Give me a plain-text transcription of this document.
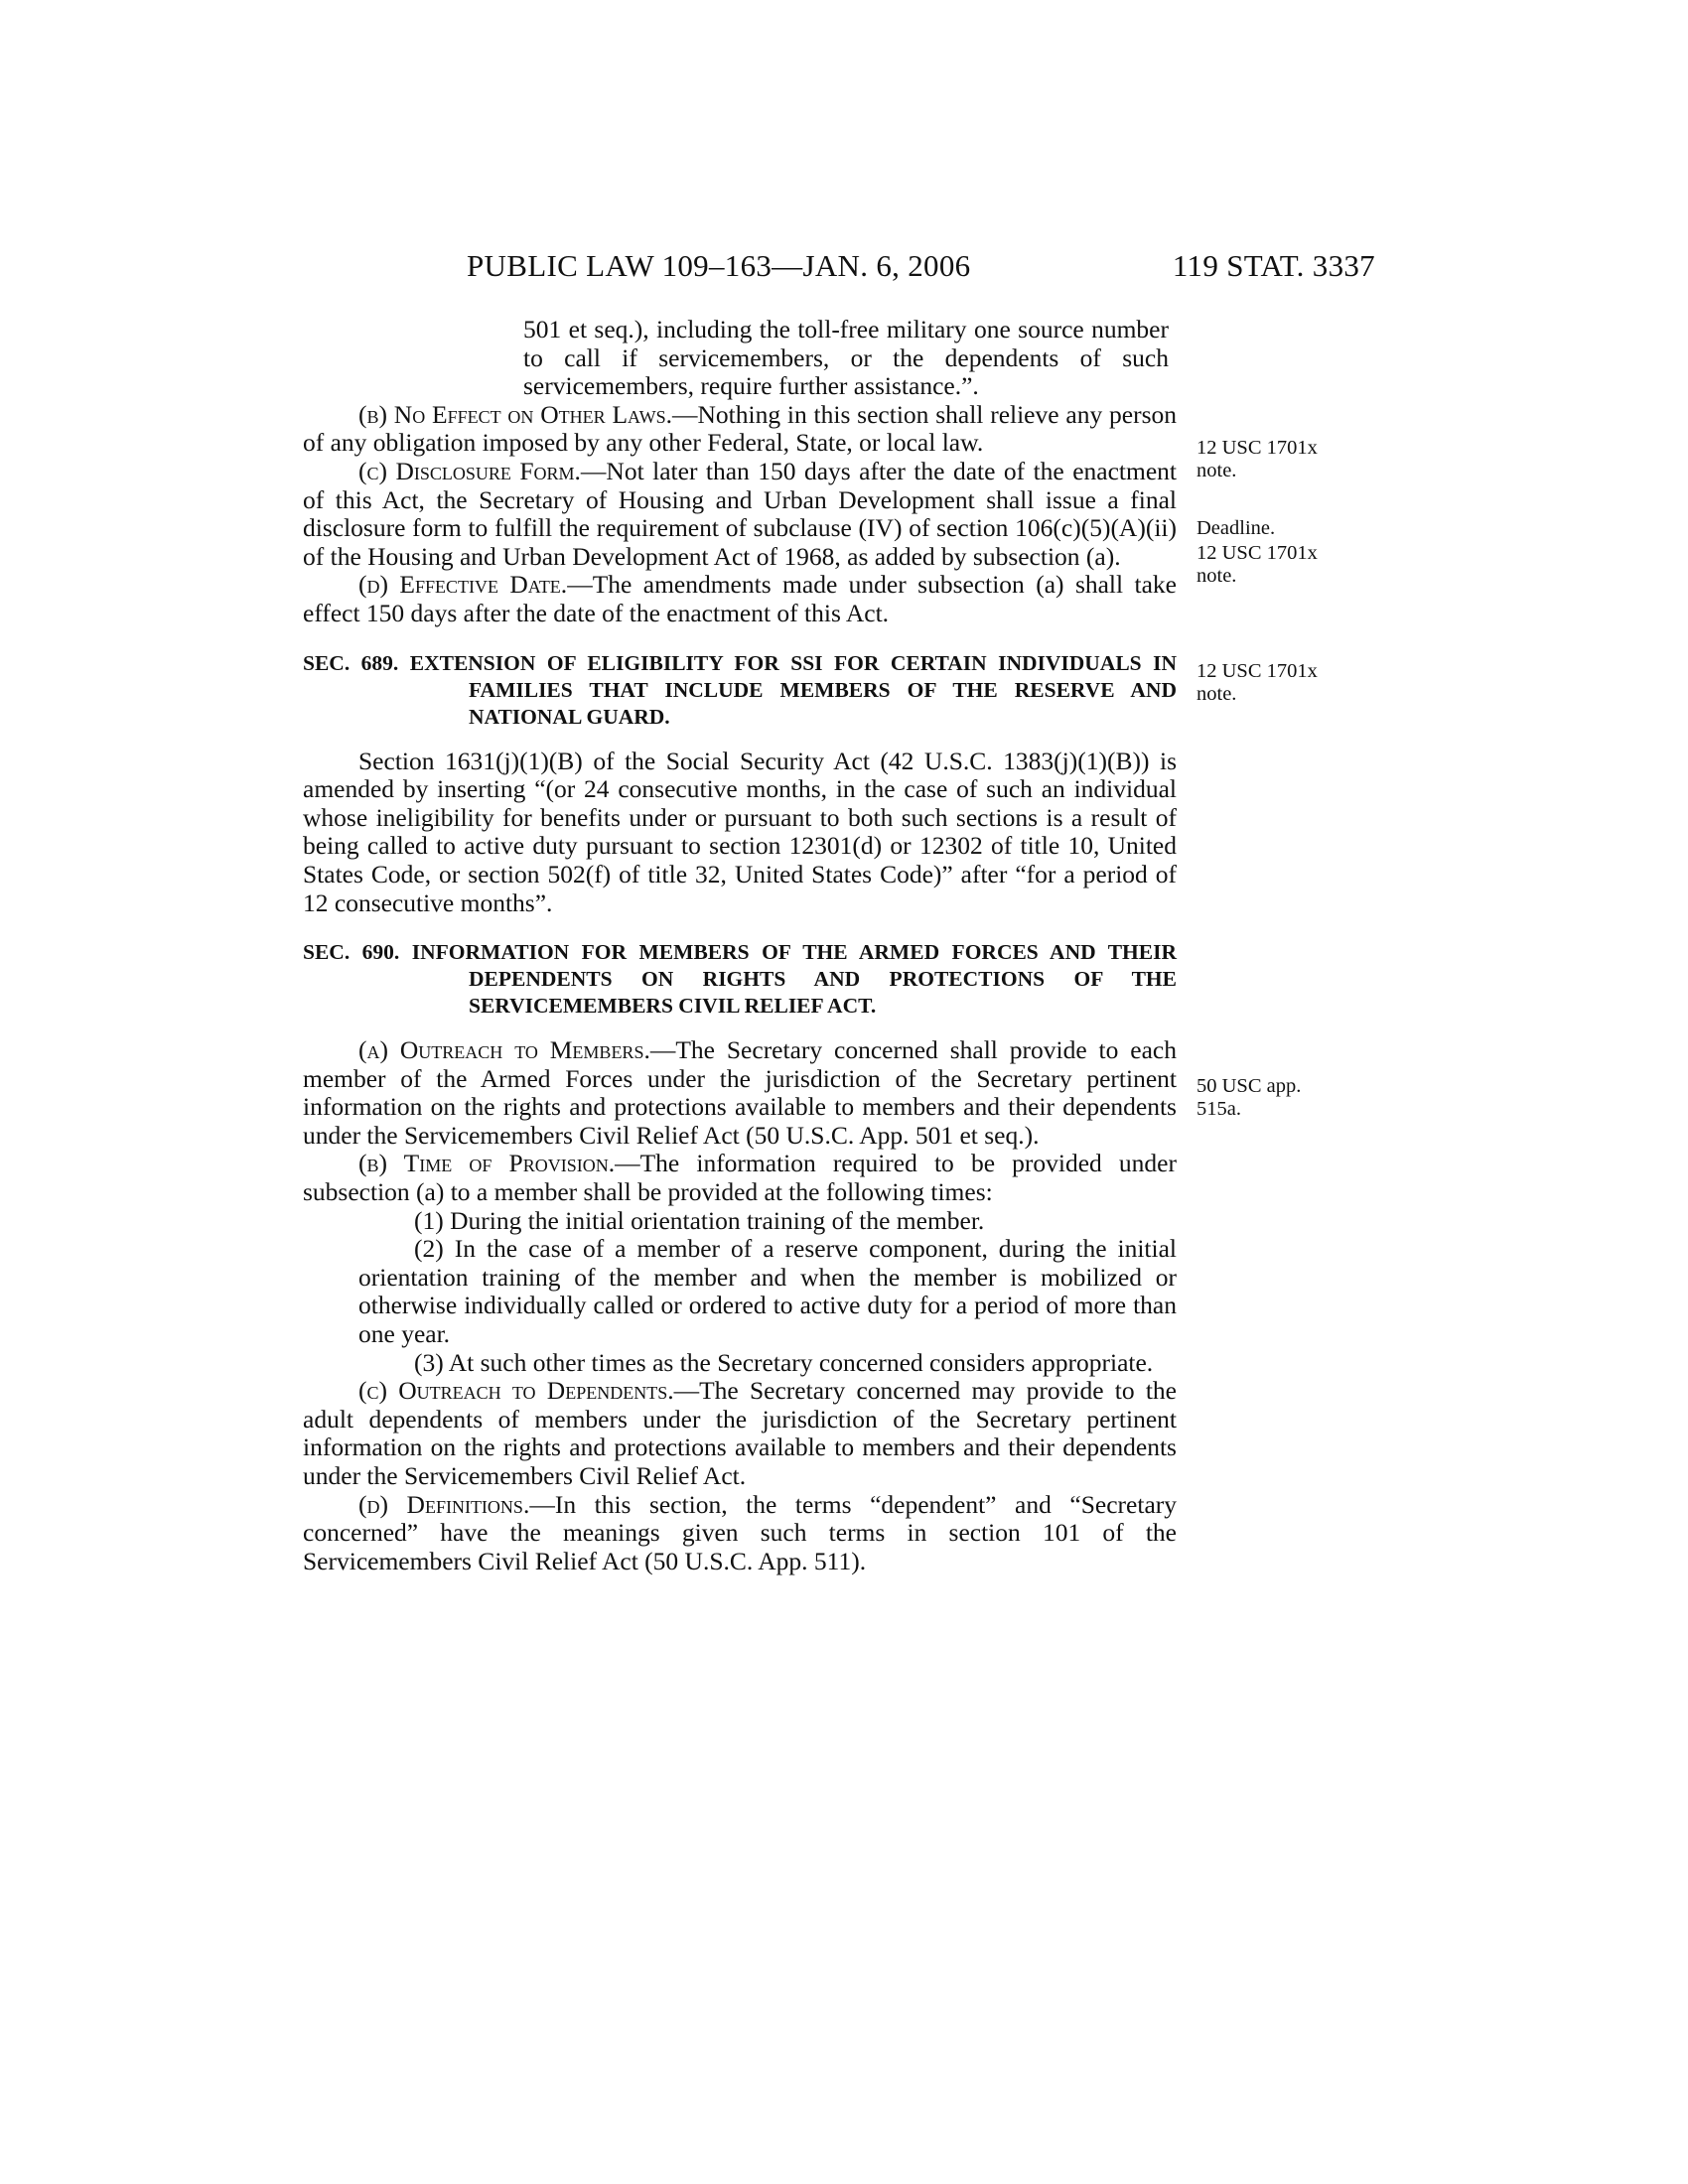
PUBLIC LAW 109–163—JAN. 6, 2006	119 STAT. 3337

501 et seq.), including the toll-free military one source number to call if servicemembers, or the dependents of such servicemembers, require further assistance.”.

(b) No Effect on Other Laws.—Nothing in this section shall relieve any person of any obligation imposed by any other Federal, State, or local law.

(c) Disclosure Form.—Not later than 150 days after the date of the enactment of this Act, the Secretary of Housing and Urban Development shall issue a final disclosure form to fulfill the requirement of subclause (IV) of section 106(c)(5)(A)(ii) of the Housing and Urban Development Act of 1968, as added by subsection (a).

(d) Effective Date.—The amendments made under subsection (a) shall take effect 150 days after the date of the enactment of this Act.

SEC. 689. EXTENSION OF ELIGIBILITY FOR SSI FOR CERTAIN INDIVIDUALS IN FAMILIES THAT INCLUDE MEMBERS OF THE RESERVE AND NATIONAL GUARD.

Section 1631(j)(1)(B) of the Social Security Act (42 U.S.C. 1383(j)(1)(B)) is amended by inserting “(or 24 consecutive months, in the case of such an individual whose ineligibility for benefits under or pursuant to both such sections is a result of being called to active duty pursuant to section 12301(d) or 12302 of title 10, United States Code, or section 502(f) of title 32, United States Code)” after “for a period of 12 consecutive months”.

SEC. 690. INFORMATION FOR MEMBERS OF THE ARMED FORCES AND THEIR DEPENDENTS ON RIGHTS AND PROTECTIONS OF THE SERVICEMEMBERS CIVIL RELIEF ACT.

(a) Outreach to Members.—The Secretary concerned shall provide to each member of the Armed Forces under the jurisdiction of the Secretary pertinent information on the rights and protections available to members and their dependents under the Servicemembers Civil Relief Act (50 U.S.C. App. 501 et seq.).

(b) Time of Provision.—The information required to be provided under subsection (a) to a member shall be provided at the following times:

(1) During the initial orientation training of the member.

(2) In the case of a member of a reserve component, during the initial orientation training of the member and when the member is mobilized or otherwise individually called or ordered to active duty for a period of more than one year.

(3) At such other times as the Secretary concerned considers appropriate.

(c) Outreach to Dependents.—The Secretary concerned may provide to the adult dependents of members under the jurisdiction of the Secretary pertinent information on the rights and protections available to members and their dependents under the Servicemembers Civil Relief Act.

(d) Definitions.—In this section, the terms “dependent” and “Secretary concerned” have the meanings given such terms in section 101 of the Servicemembers Civil Relief Act (50 U.S.C. App. 511).

12 USC 1701x note.
Deadline.
12 USC 1701x note.
12 USC 1701x note.
50 USC app. 515a.
